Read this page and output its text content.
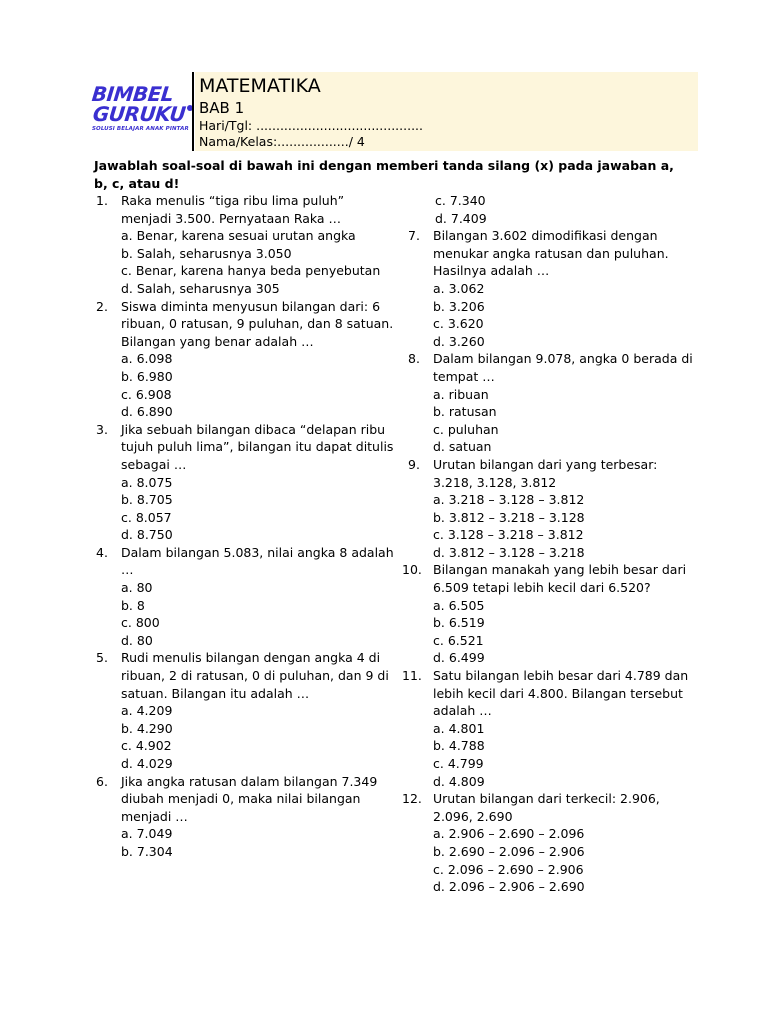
BIMBEL
GURUKU
SOLUSI BELAJAR ANAK PINTAR
MATEMATIKA
BAB 1
Hari/Tgl: ..........................................
Nama/Kelas:................../ 4
Jawablah soal-soal di bawah ini dengan memberi tanda silang (x) pada jawaban a, b, c, atau d!
1.	Raka menulis “tiga ribu lima puluh” menjadi 3.500. Pernyataan Raka …
a. Benar, karena sesuai urutan angka
b. Salah, seharusnya 3.050
c. Benar, karena hanya beda penyebutan
d. Salah, seharusnya 305
2.	Siswa diminta menyusun bilangan dari: 6 ribuan, 0 ratusan, 9 puluhan, dan 8 satuan. Bilangan yang benar adalah …
a. 6.098
b. 6.980
c. 6.908
d. 6.890
3.	Jika sebuah bilangan dibaca “delapan ribu tujuh puluh lima”, bilangan itu dapat ditulis sebagai …
a. 8.075
b. 8.705
c. 8.057
d. 8.750
4.	Dalam bilangan 5.083, nilai angka 8 adalah …
a. 80
b. 8
c. 800
d. 80
5.	Rudi menulis bilangan dengan angka 4 di ribuan, 2 di ratusan, 0 di puluhan, dan 9 di satuan. Bilangan itu adalah …
a. 4.209
b. 4.290
c. 4.902
d. 4.029
6.	Jika angka ratusan dalam bilangan 7.349 diubah menjadi 0, maka nilai bilangan menjadi …
a. 7.049
b. 7.304
c. 7.340
d. 7.409
7.	Bilangan 3.602 dimodifikasi dengan menukar angka ratusan dan puluhan. Hasilnya adalah …
a. 3.062
b. 3.206
c. 3.620
d. 3.260
8.	Dalam bilangan 9.078, angka 0 berada di tempat …
a. ribuan
b. ratusan
c. puluhan
d. satuan
9.	Urutan bilangan dari yang terbesar: 3.218, 3.128, 3.812
a. 3.218 – 3.128 – 3.812
b. 3.812 – 3.218 – 3.128
c. 3.128 – 3.218 – 3.812
d. 3.812 – 3.128 – 3.218
10. Bilangan manakah yang lebih besar dari 6.509 tetapi lebih kecil dari 6.520?
a. 6.505
b. 6.519
c. 6.521
d. 6.499
11. Satu bilangan lebih besar dari 4.789 dan lebih kecil dari 4.800. Bilangan tersebut adalah …
a. 4.801
b. 4.788
c. 4.799
d. 4.809
12. Urutan bilangan dari terkecil: 2.906, 2.096, 2.690
a. 2.906 – 2.690 – 2.096
b. 2.690 – 2.096 – 2.906
c. 2.096 – 2.690 – 2.906
d. 2.096 – 2.906 – 2.690
